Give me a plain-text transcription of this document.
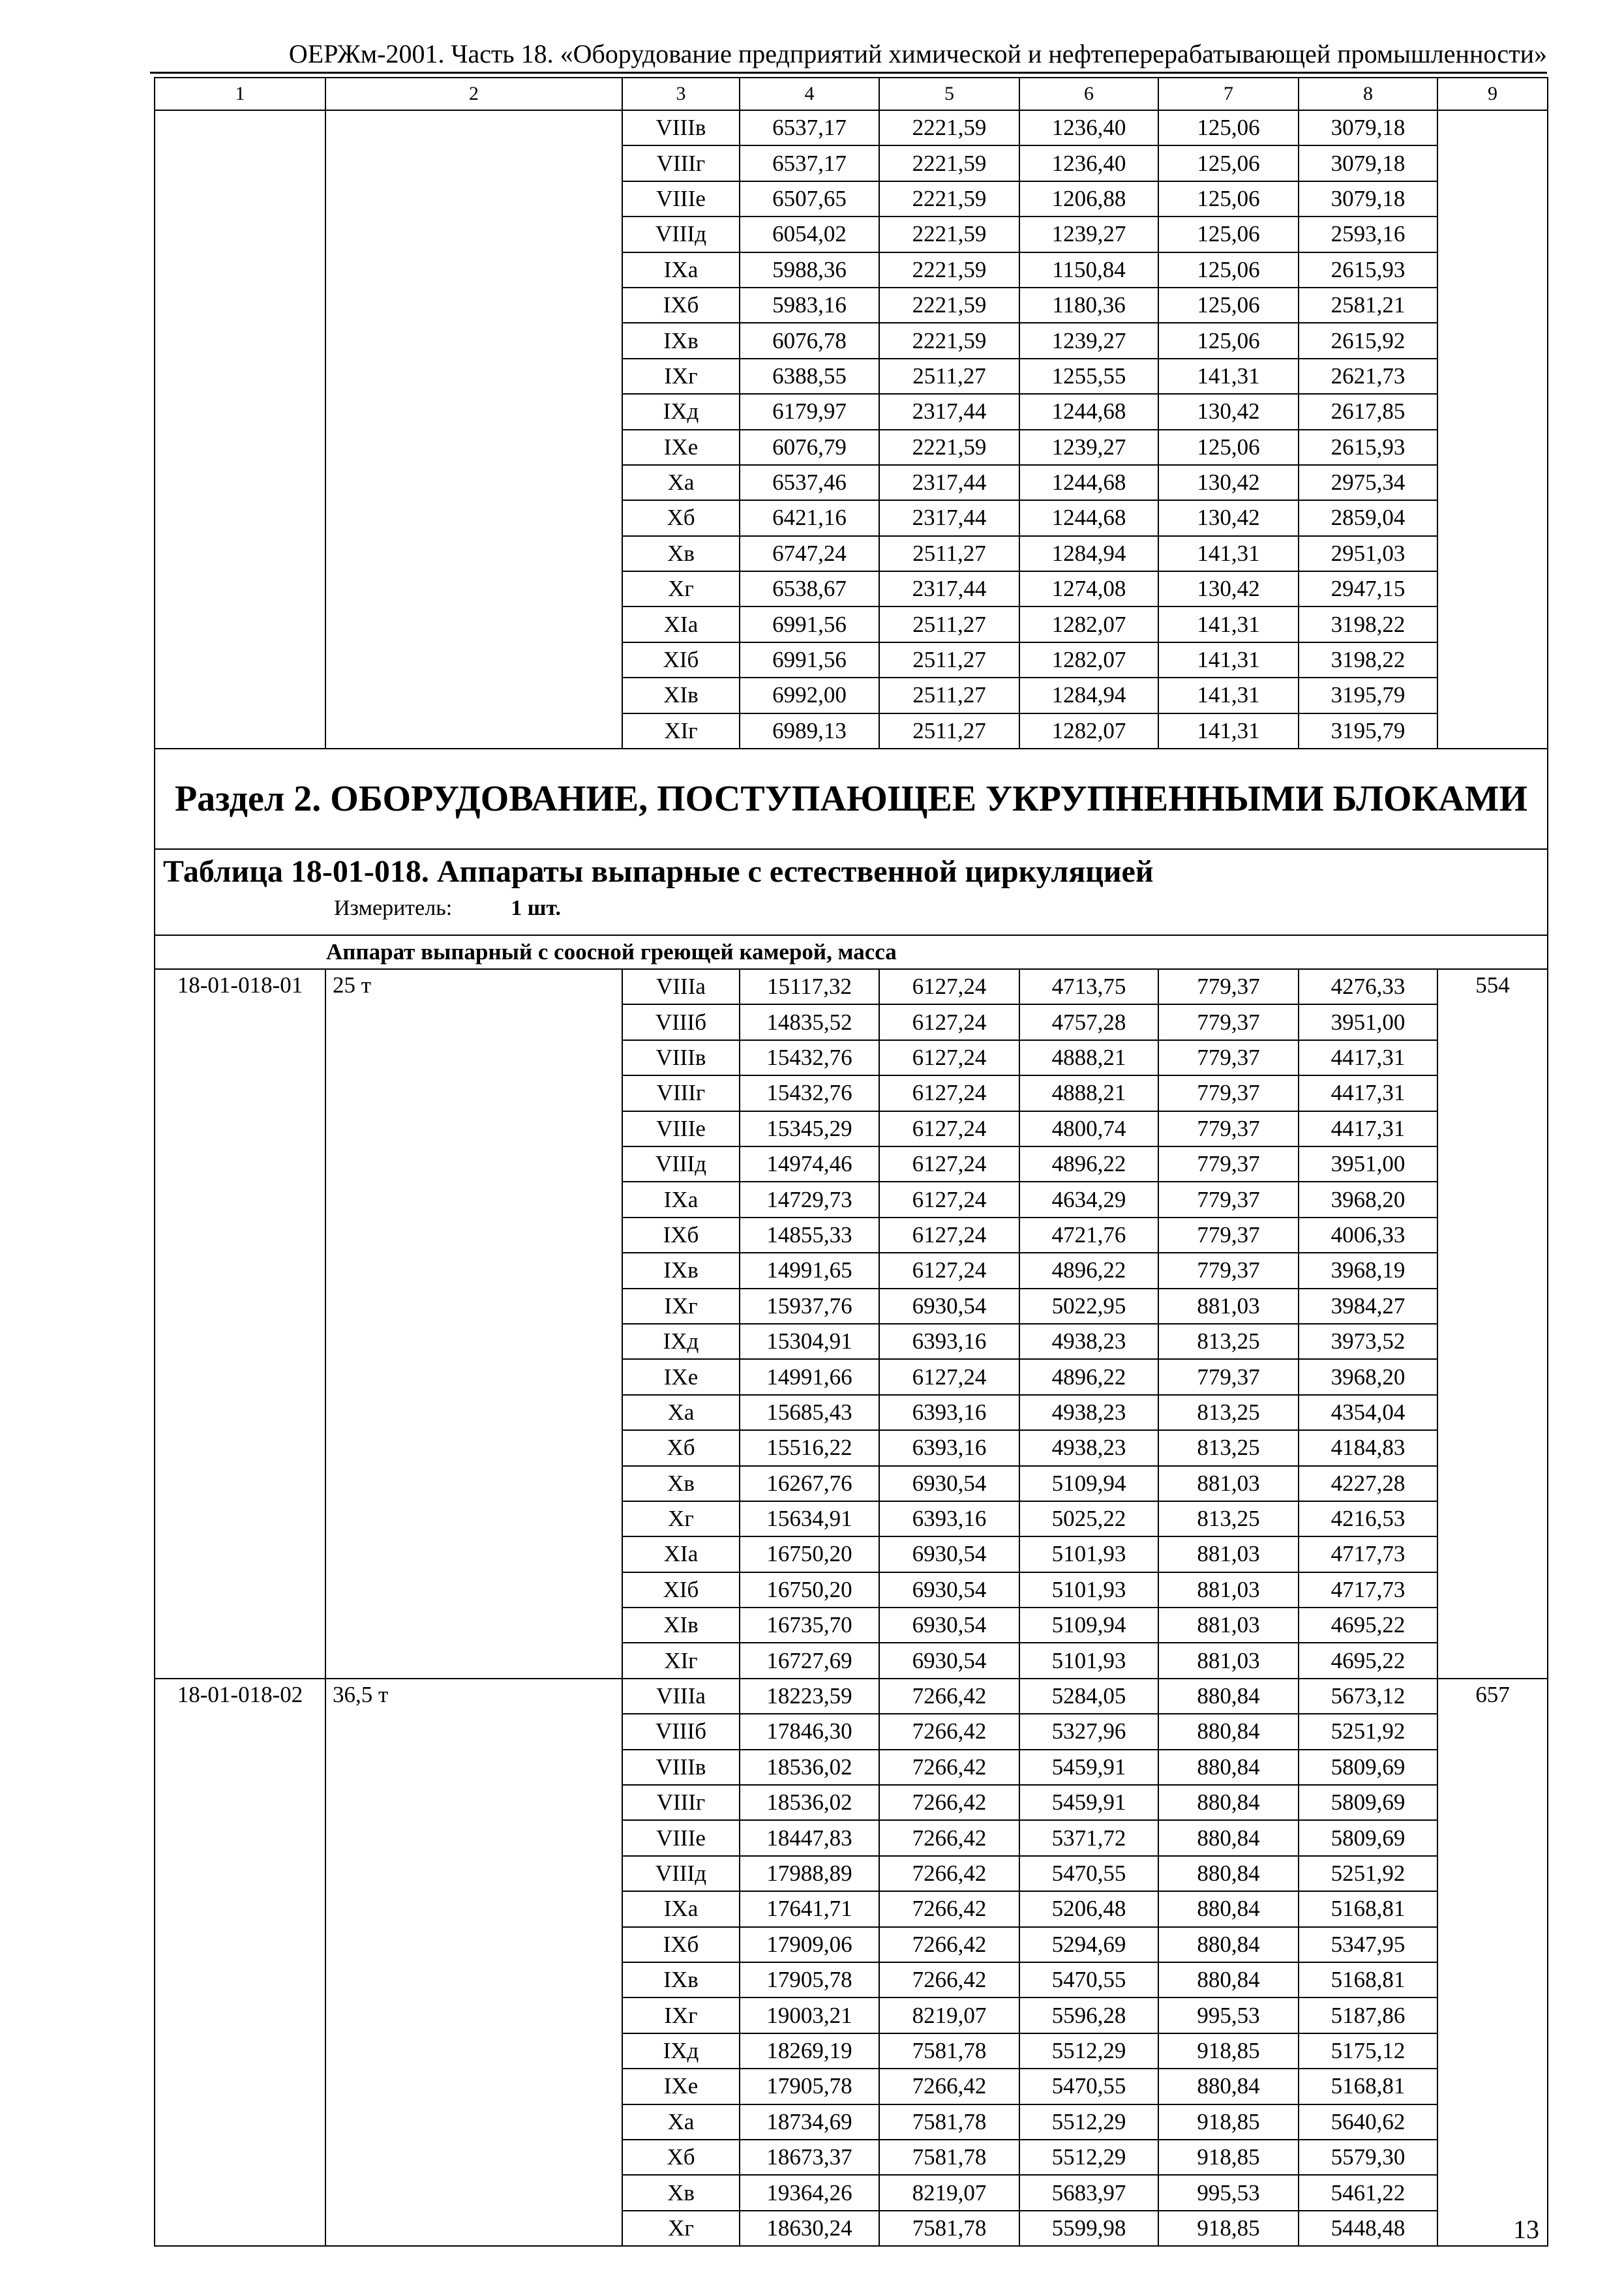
ОЕРЖм-2001. Часть 18. «Оборудование предприятий химической и нефтеперерабатывающей промышленности»
1	2	3	4	5	6	7	8	9
		VIIIв	6537,17	2221,59	1236,40	125,06	3079,18	
		VIIIг	6537,17	2221,59	1236,40	125,06	3079,18	
		VIIIе	6507,65	2221,59	1206,88	125,06	3079,18	
		VIIIд	6054,02	2221,59	1239,27	125,06	2593,16	
		IXа	5988,36	2221,59	1150,84	125,06	2615,93	
		IXб	5983,16	2221,59	1180,36	125,06	2581,21	
		IXв	6076,78	2221,59	1239,27	125,06	2615,92	
		IXг	6388,55	2511,27	1255,55	141,31	2621,73	
		IXд	6179,97	2317,44	1244,68	130,42	2617,85	
		IXе	6076,79	2221,59	1239,27	125,06	2615,93	
		Xа	6537,46	2317,44	1244,68	130,42	2975,34	
		Xб	6421,16	2317,44	1244,68	130,42	2859,04	
		Xв	6747,24	2511,27	1284,94	141,31	2951,03	
		Xг	6538,67	2317,44	1274,08	130,42	2947,15	
		XIа	6991,56	2511,27	1282,07	141,31	3198,22	
		XIб	6991,56	2511,27	1282,07	141,31	3198,22	
		XIв	6992,00	2511,27	1284,94	141,31	3195,79	
		XIг	6989,13	2511,27	1282,07	141,31	3195,79	
Раздел 2. ОБОРУДОВАНИЕ, ПОСТУПАЮЩЕЕ УКРУПНЕННЫМИ БЛОКАМИ								

Таблица 18-01-018. Аппараты выпарные с естественной циркуляцией
Измеритель: 1 шт.								

Аппарат выпарный с соосной греющей камерой, масса								
18-01-018-01	25 т	VIIIа	15117,32	6127,24	4713,75	779,37	4276,33	554
		VIIIб	14835,52	6127,24	4757,28	779,37	3951,00	
		VIIIв	15432,76	6127,24	4888,21	779,37	4417,31	
		VIIIг	15432,76	6127,24	4888,21	779,37	4417,31	
		VIIIе	15345,29	6127,24	4800,74	779,37	4417,31	
		VIIIд	14974,46	6127,24	4896,22	779,37	3951,00	
		IXа	14729,73	6127,24	4634,29	779,37	3968,20	
		IXб	14855,33	6127,24	4721,76	779,37	4006,33	
		IXв	14991,65	6127,24	4896,22	779,37	3968,19	
		IXг	15937,76	6930,54	5022,95	881,03	3984,27	
		IXд	15304,91	6393,16	4938,23	813,25	3973,52	
		IXе	14991,66	6127,24	4896,22	779,37	3968,20	
		Xа	15685,43	6393,16	4938,23	813,25	4354,04	
		Xб	15516,22	6393,16	4938,23	813,25	4184,83	
		Xв	16267,76	6930,54	5109,94	881,03	4227,28	
		Xг	15634,91	6393,16	5025,22	813,25	4216,53	
		XIа	16750,20	6930,54	5101,93	881,03	4717,73	
		XIб	16750,20	6930,54	5101,93	881,03	4717,73	
		XIв	16735,70	6930,54	5109,94	881,03	4695,22	
		XIг	16727,69	6930,54	5101,93	881,03	4695,22	
18-01-018-02	36,5 т	VIIIа	18223,59	7266,42	5284,05	880,84	5673,12	657
		VIIIб	17846,30	7266,42	5327,96	880,84	5251,92	
		VIIIв	18536,02	7266,42	5459,91	880,84	5809,69	
		VIIIг	18536,02	7266,42	5459,91	880,84	5809,69	
		VIIIе	18447,83	7266,42	5371,72	880,84	5809,69	
		VIIIд	17988,89	7266,42	5470,55	880,84	5251,92	
		IXа	17641,71	7266,42	5206,48	880,84	5168,81	
		IXб	17909,06	7266,42	5294,69	880,84	5347,95	
		IXв	17905,78	7266,42	5470,55	880,84	5168,81	
		IXг	19003,21	8219,07	5596,28	995,53	5187,86	
		IXд	18269,19	7581,78	5512,29	918,85	5175,12	
		IXе	17905,78	7266,42	5470,55	880,84	5168,81	
		Xа	18734,69	7581,78	5512,29	918,85	5640,62	
		Xб	18673,37	7581,78	5512,29	918,85	5579,30	
		Xв	19364,26	8219,07	5683,97	995,53	5461,22	
		Xг	18630,24	7581,78	5599,98	918,85	5448,48		13
